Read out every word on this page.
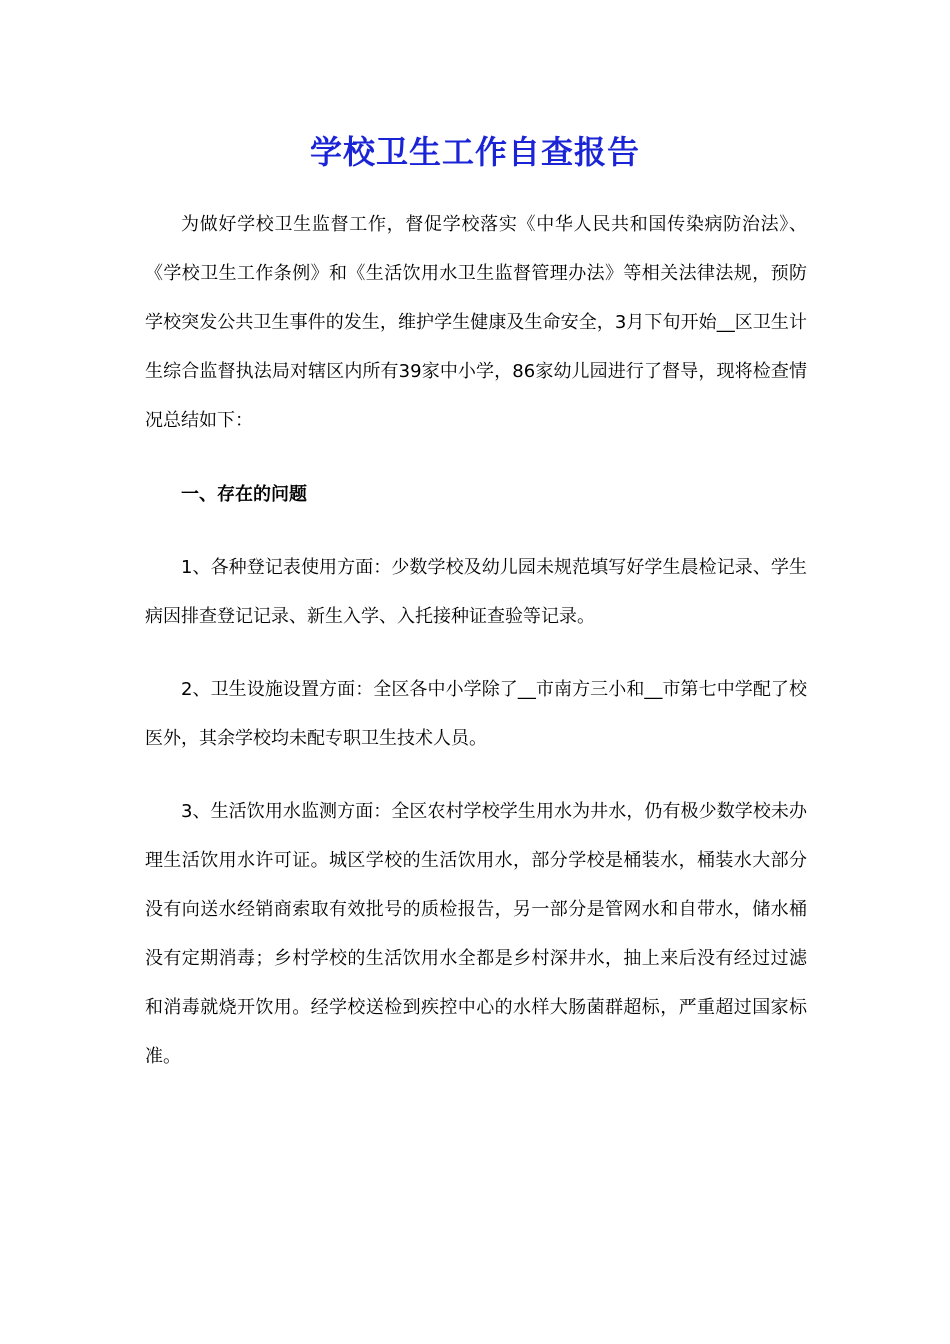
学校卫生工作自查报告

为做好学校卫生监督工作，督促学校落实《中华人民共和国传染病防治法》、《学校卫生工作条例》和《生活饮用水卫生监督管理办法》等相关法律法规，预防学校突发公共卫生事件的发生，维护学生健康及生命安全，3月下旬开始__区卫生计生综合监督执法局对辖区内所有39家中小学，86家幼儿园进行了督导，现将检查情况总结如下：

一、存在的问题

1、各种登记表使用方面：少数学校及幼儿园未规范填写好学生晨检记录、学生病因排查登记记录、新生入学、入托接种证查验等记录。

2、卫生设施设置方面：全区各中小学除了__市南方三小和__市第七中学配了校医外，其余学校均未配专职卫生技术人员。

3、生活饮用水监测方面：全区农村学校学生用水为井水，仍有极少数学校未办理生活饮用水许可证。城区学校的生活饮用水，部分学校是桶装水，桶装水大部分没有向送水经销商索取有效批号的质检报告，另一部分是管网水和自带水，储水桶没有定期消毒；乡村学校的生活饮用水全都是乡村深井水，抽上来后没有经过过滤和消毒就烧开饮用。经学校送检到疾控中心的水样大肠菌群超标，严重超过国家标准。
